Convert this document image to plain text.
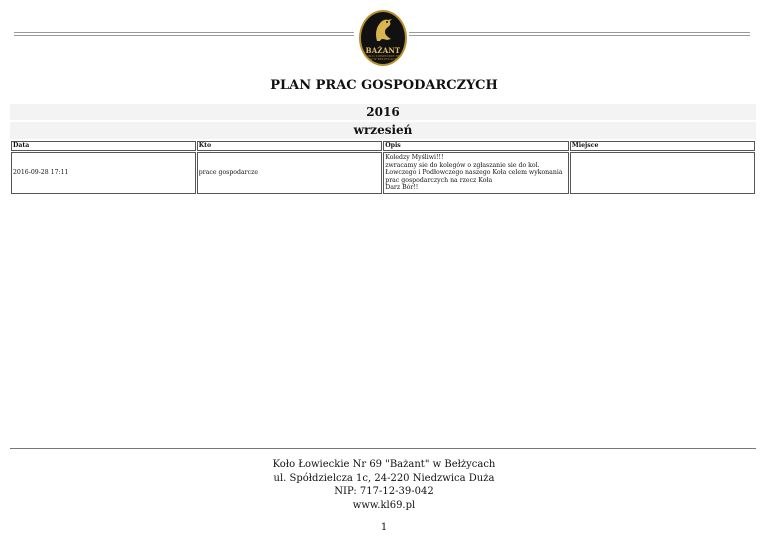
BAŻANT
KOŁO ŁOWIECKIE NR 69 W BEŁŻYCACH
PLAN PRAC GOSPODARCZYCH
2016
wrzesień
Data	Kto	Opis	Miejsce
2016-09-28 17:11	prace gospodarcze	Koledzy Myśliwi!!!
zwracamy sie do kolegów o zgłaszanie sie do kol.
Łowczego i Podłowczego naszego Koła celem wykonania
prac gospodarczych na rzecz Koła
Darz Bór!!	

Koło Łowieckie Nr 69 "Bażant" w Bełżycach
ul. Spółdzielcza 1c, 24-220 Niedzwica Duża
NIP: 717-12-39-042
www.kl69.pl
1
